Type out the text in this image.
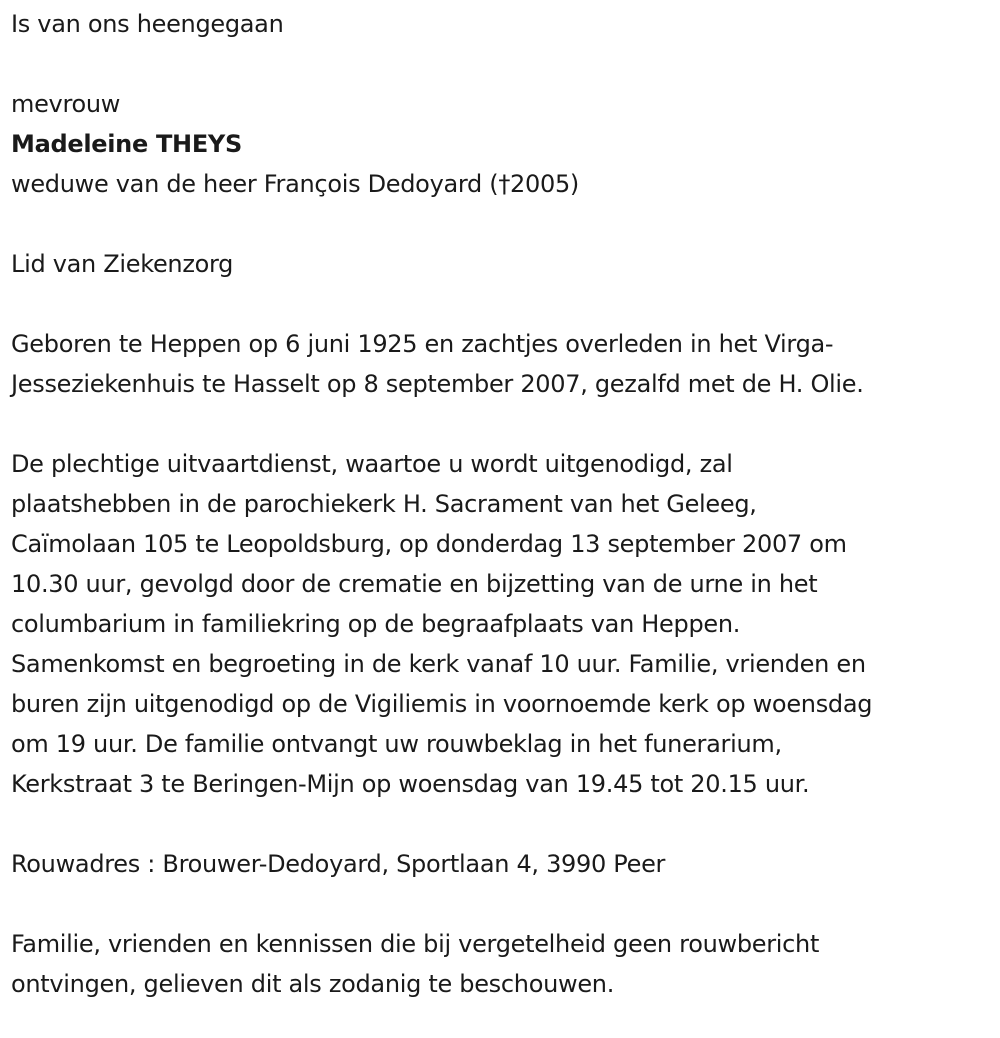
Is van ons heengegaan
mevrouw
Madeleine THEYS
weduwe van de heer François Dedoyard (†2005)
Lid van Ziekenzorg
Geboren te Heppen op 6 juni 1925 en zachtjes overleden in het Virga-
Jesseziekenhuis te Hasselt op 8 september 2007, gezalfd met de H. Olie.
De plechtige uitvaartdienst, waartoe u wordt uitgenodigd, zal
plaatshebben in de parochiekerk H. Sacrament van het Geleeg,
Caïmolaan 105 te Leopoldsburg, op donderdag 13 september 2007 om
10.30 uur, gevolgd door de crematie en bijzetting van de urne in het
columbarium in familiekring op de begraafplaats van Heppen.
Samenkomst en begroeting in de kerk vanaf 10 uur. Familie, vrienden en
buren zijn uitgenodigd op de Vigiliemis in voornoemde kerk op woensdag
om 19 uur. De familie ontvangt uw rouwbeklag in het funerarium,
Kerkstraat 3 te Beringen-Mijn op woensdag van 19.45 tot 20.15 uur.
Rouwadres : Brouwer-Dedoyard, Sportlaan 4, 3990 Peer
Familie, vrienden en kennissen die bij vergetelheid geen rouwbericht
ontvingen, gelieven dit als zodanig te beschouwen.
